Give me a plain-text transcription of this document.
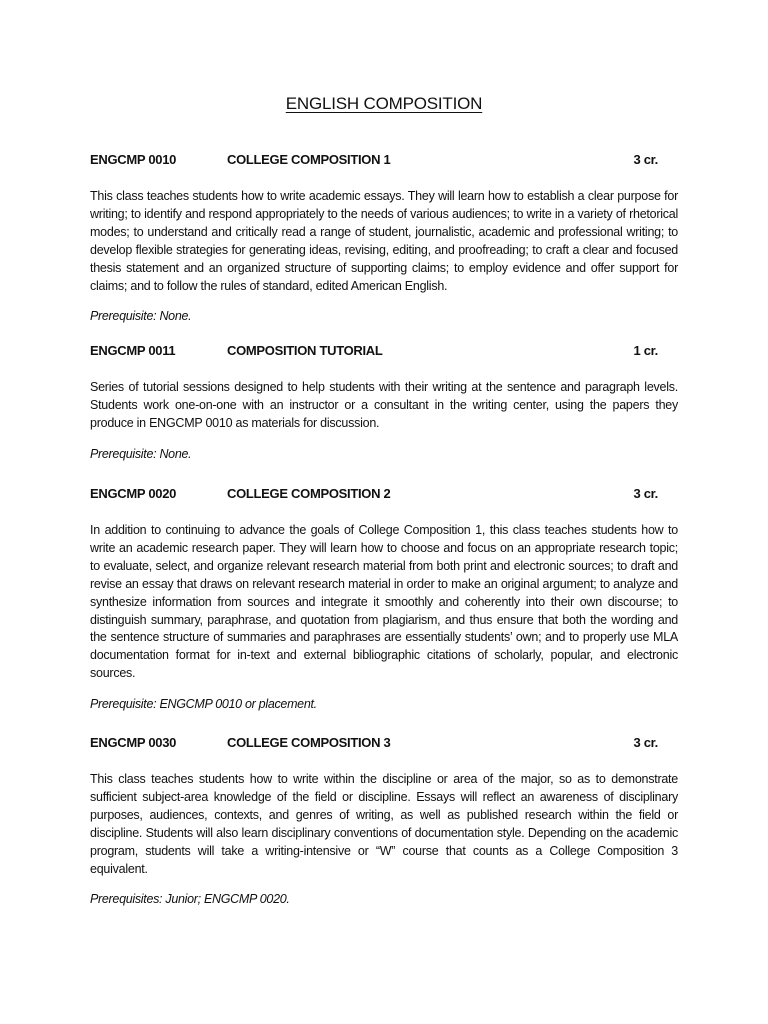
ENGLISH COMPOSITION
ENGCMP 0010	COLLEGE COMPOSITION 1	3 cr.
This class teaches students how to write academic essays. They will learn how to establish a clear purpose for writing; to identify and respond appropriately to the needs of various audiences; to write in a variety of rhetorical modes; to understand and critically read a range of student, journalistic, academic and professional writing; to develop flexible strategies for generating ideas, revising, editing, and proofreading; to craft a clear and focused thesis statement and an organized structure of supporting claims; to employ evidence and offer support for claims; and to follow the rules of standard, edited American English.
Prerequisite: None.
ENGCMP 0011	COMPOSITION TUTORIAL	1 cr.
Series of tutorial sessions designed to help students with their writing at the sentence and paragraph levels. Students work one-on-one with an instructor or a consultant in the writing center, using the papers they produce in ENGCMP 0010 as materials for discussion.
Prerequisite: None.
ENGCMP 0020	COLLEGE COMPOSITION 2	3 cr.
In addition to continuing to advance the goals of College Composition 1, this class teaches students how to write an academic research paper. They will learn how to choose and focus on an appropriate research topic; to evaluate, select, and organize relevant research material from both print and electronic sources; to draft and revise an essay that draws on relevant research material in order to make an original argument; to analyze and synthesize information from sources and integrate it smoothly and coherently into their own discourse; to distinguish summary, paraphrase, and quotation from plagiarism, and thus ensure that both the wording and the sentence structure of summaries and paraphrases are essentially students’ own; and to properly use MLA documentation format for in-text and external bibliographic citations of scholarly, popular, and electronic sources.
Prerequisite: ENGCMP 0010 or placement.
ENGCMP 0030	COLLEGE COMPOSITION 3	3 cr.
This class teaches students how to write within the discipline or area of the major, so as to demonstrate sufficient subject-area knowledge of the field or discipline. Essays will reflect an awareness of disciplinary purposes, audiences, contexts, and genres of writing, as well as published research within the field or discipline. Students will also learn disciplinary conventions of documentation style. Depending on the academic program, students will take a writing-intensive or “W” course that counts as a College Composition 3 equivalent.
Prerequisites: Junior; ENGCMP 0020.
